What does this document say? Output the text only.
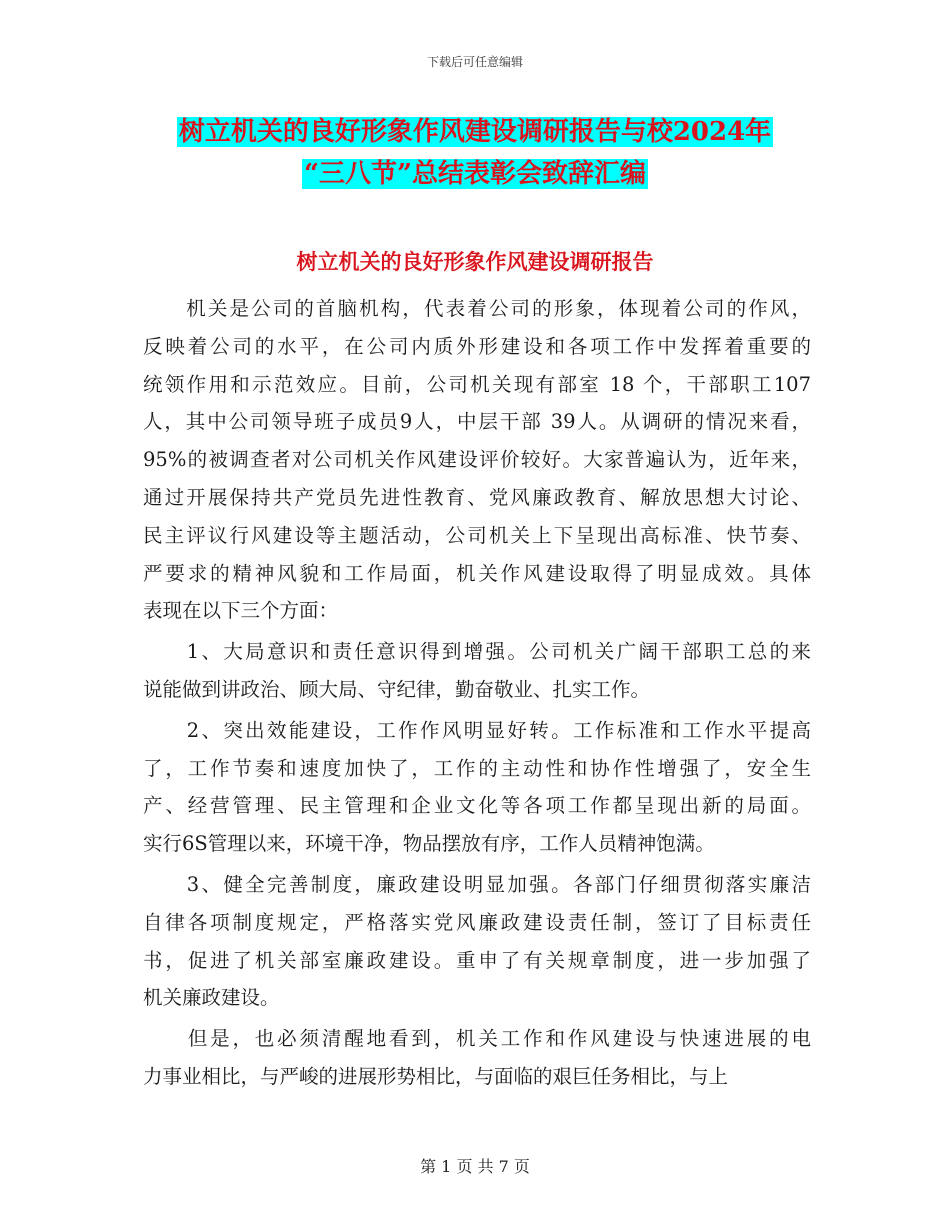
下载后可任意编辑
树立机关的良好形象作风建设调研报告与校2024年
“三八节”总结表彰会致辞汇编
树立机关的良好形象作风建设调研报告
　　机关是公司的首脑机构，代表着公司的形象，体现着公司的作风，
反映着公司的水平，在公司内质外形建设和各项工作中发挥着重要的
统领作用和示范效应。目前，公司机关现有部室 18 个，干部职工107
人，其中公司领导班子成员9人，中层干部 39人。从调研的情况来看，
95%的被调查者对公司机关作风建设评价较好。大家普遍认为，近年来，
通过开展保持共产党员先进性教育、党风廉政教育、解放思想大讨论、
民主评议行风建设等主题活动，公司机关上下呈现出高标准、快节奏、
严要求的精神风貌和工作局面，机关作风建设取得了明显成效。具体
表现在以下三个方面：
　　1、大局意识和责任意识得到增强。公司机关广阔干部职工总的来
说能做到讲政治、顾大局、守纪律，勤奋敬业、扎实工作。
　　2、突出效能建设，工作作风明显好转。工作标准和工作水平提高
了，工作节奏和速度加快了，工作的主动性和协作性增强了，安全生
产、经营管理、民主管理和企业文化等各项工作都呈现出新的局面。
实行6S管理以来，环境干净，物品摆放有序，工作人员精神饱满。
　　3、健全完善制度，廉政建设明显加强。各部门仔细贯彻落实廉洁
自律各项制度规定，严格落实党风廉政建设责任制，签订了目标责任
书，促进了机关部室廉政建设。重申了有关规章制度，进一步加强了
机关廉政建设。
　　但是，也必须清醒地看到，机关工作和作风建设与快速进展的电
力事业相比，与严峻的进展形势相比，与面临的艰巨任务相比，与上
第 1 页 共 7 页
